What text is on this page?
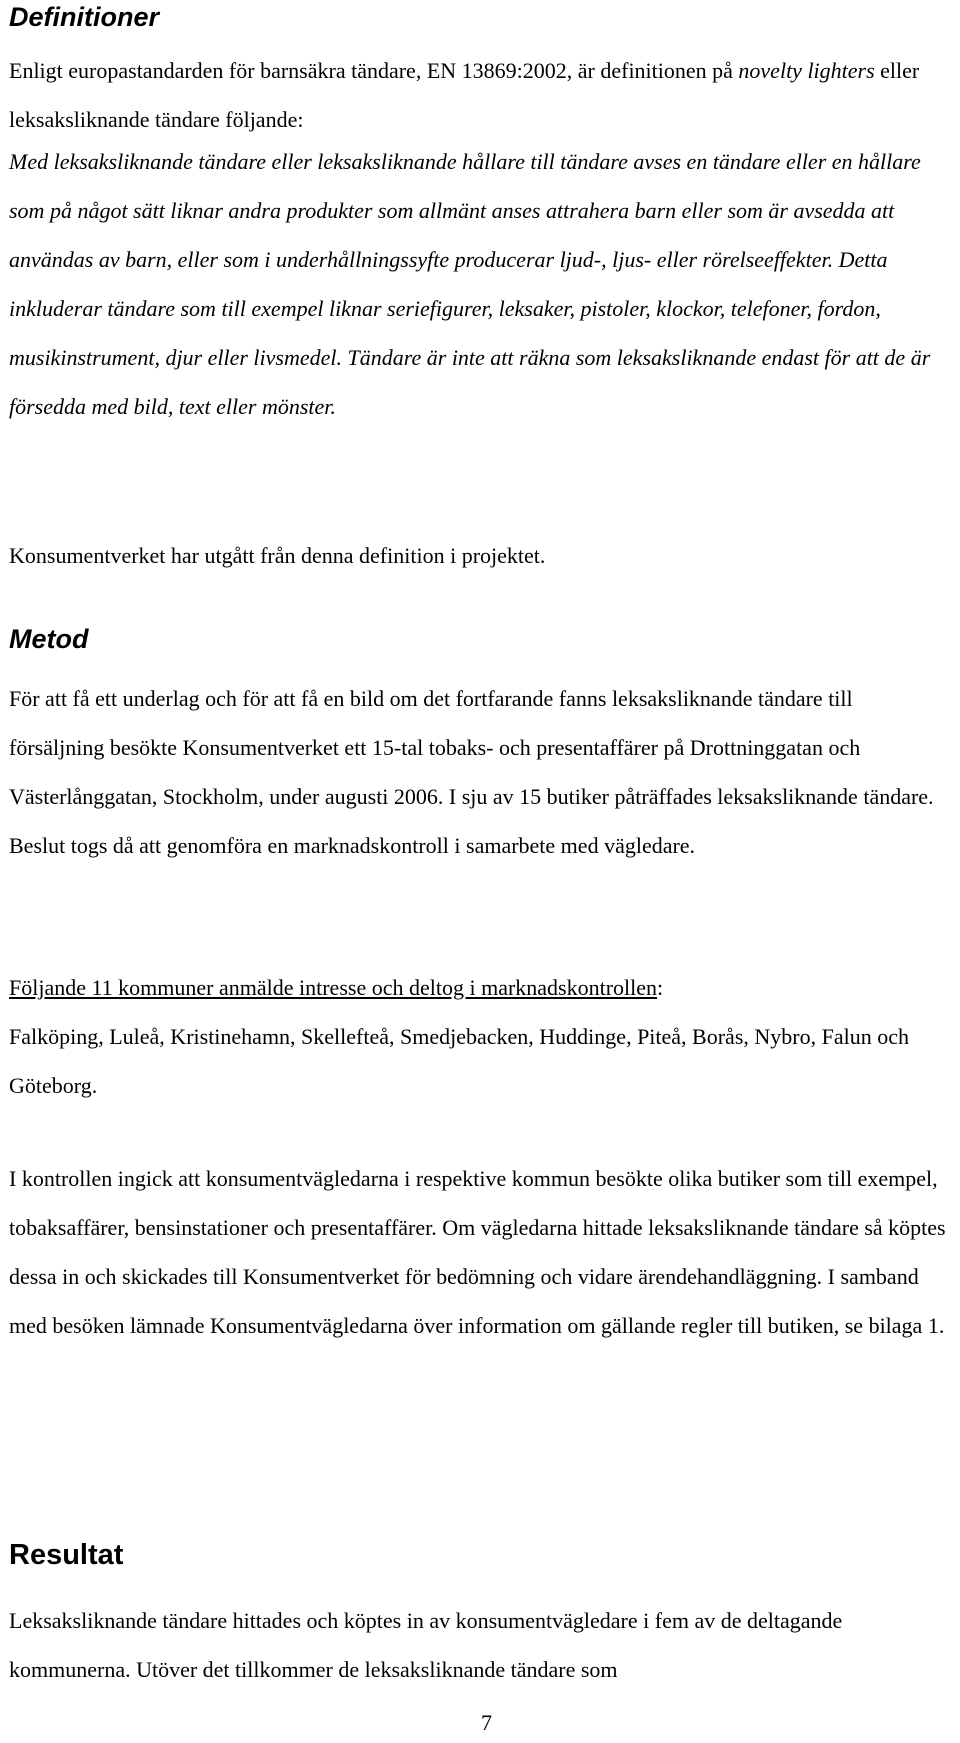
Definitioner

Enligt europastandarden för barnsäkra tändare, EN 13869:2002, är definitionen på novelty lighters eller leksaksliknande tändare följande:

Med leksaksliknande tändare eller leksaksliknande hållare till tändare avses en tändare eller en hållare som på något sätt liknar andra produkter som allmänt anses attrahera barn eller som är avsedda att användas av barn, eller som i underhållningssyfte producerar ljud-, ljus- eller rörelseeffekter. Detta inkluderar tändare som till exempel liknar seriefigurer, leksaker, pistoler, klockor, telefoner, fordon, musikinstrument, djur eller livsmedel. Tändare är inte att räkna som leksaksliknande endast för att de är försedda med bild, text eller mönster.

Konsumentverket har utgått från denna definition i projektet.

Metod

För att få ett underlag och för att få en bild om det fortfarande fanns leksaksliknande tändare till försäljning besökte Konsumentverket ett 15-tal tobaks- och presentaffärer på Drottninggatan och Västerlånggatan, Stockholm, under augusti 2006. I sju av 15 butiker påträffades leksaksliknande tändare. Beslut togs då att genomföra en marknadskontroll i samarbete med vägledare.

Följande 11 kommuner anmälde intresse och deltog i marknadskontrollen:
Falköping, Luleå, Kristinehamn, Skellefteå, Smedjebacken, Huddinge, Piteå, Borås, Nybro, Falun och Göteborg.

I kontrollen ingick att konsumentvägledarna i respektive kommun besökte olika butiker som till exempel, tobaksaffärer, bensinstationer och presentaffärer. Om vägledarna hittade leksaksliknande tändare så köptes dessa in och skickades till Konsumentverket för bedömning och vidare ärendehandläggning. I samband med besöken lämnade Konsumentvägledarna över information om gällande regler till butiken, se bilaga 1.

Resultat

Leksaksliknande tändare hittades och köptes in av konsumentvägledare i fem av de deltagande kommunerna. Utöver det tillkommer de leksaksliknande tändare som

7
